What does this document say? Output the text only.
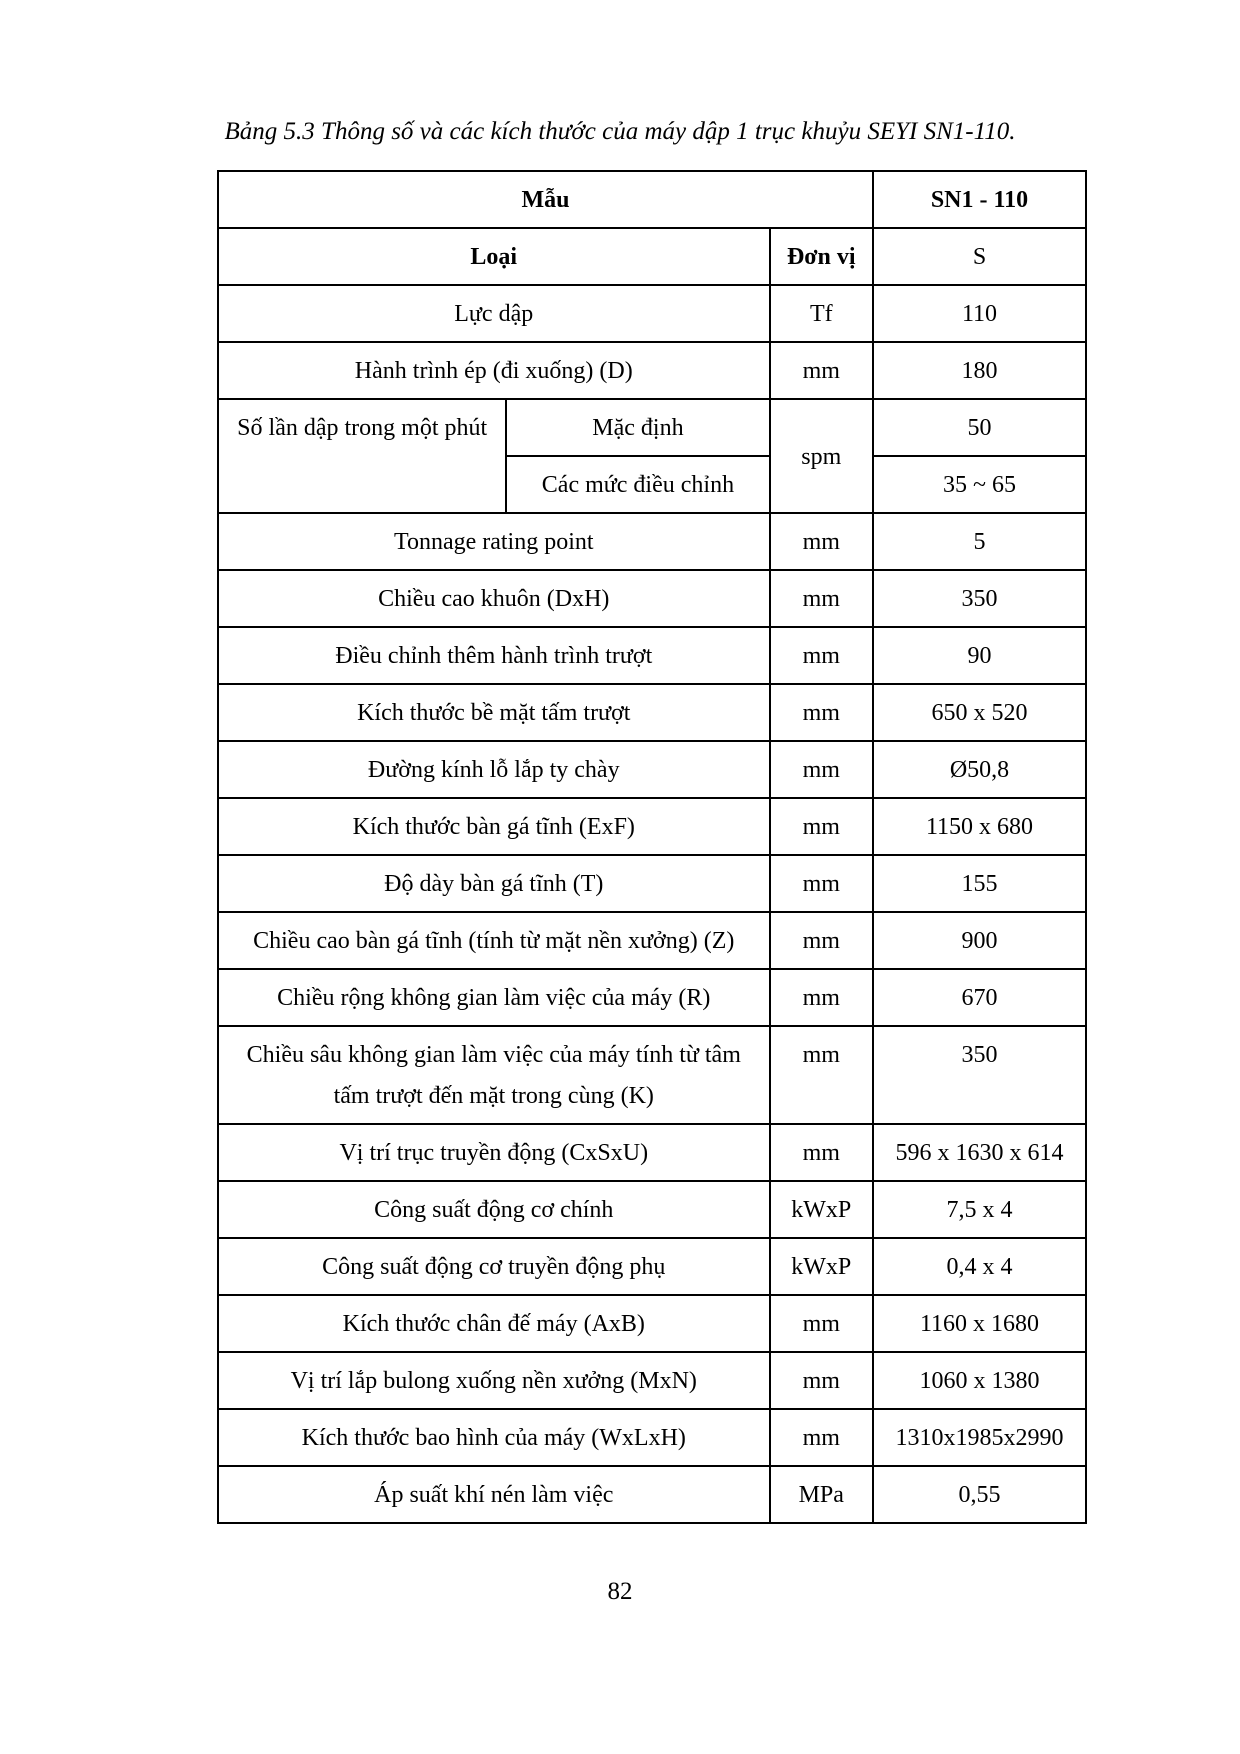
Bảng 5.3 Thông số và các kích thước của máy dập 1 trục khuỷu SEYI SN1-110.
Mẫu			SN1 - 110
Loại		Đơn vị	S
Lực dập		Tf	110
Hành trình ép (đi xuống) (D)		mm	180
Số lần dập trong một phút	Mặc định	spm	50
	Các mức điều chỉnh		35 ~ 65
Tonnage rating point		mm	5
Chiều cao khuôn (DxH)		mm	350
Điều chỉnh thêm hành trình trượt		mm	90
Kích thước bề mặt tấm trượt		mm	650 x 520
Đường kính lỗ lắp ty chày		mm	Ø50,8
Kích thước bàn gá tĩnh (ExF)		mm	1150 x 680
Độ dày bàn gá tĩnh (T)		mm	155
Chiều cao bàn gá tĩnh (tính từ mặt nền xưởng) (Z)		mm	900
Chiều rộng không gian làm việc của máy (R)		mm	670
Chiều sâu không gian làm việc của máy tính từ tâm tấm trượt đến mặt trong cùng (K)		mm	350
Vị trí trục truyền động (CxSxU)		mm	596 x 1630 x 614
Công suất động cơ chính		kWxP	7,5 x 4
Công suất động cơ truyền động phụ		kWxP	0,4 x 4
Kích thước chân đế máy (AxB)		mm	1160 x 1680
Vị trí lắp bulong xuống nền xưởng (MxN)		mm	1060 x 1380
Kích thước bao hình của máy (WxLxH)		mm	1310x1985x2990
Áp suất khí nén làm việc		MPa	0,55
82
